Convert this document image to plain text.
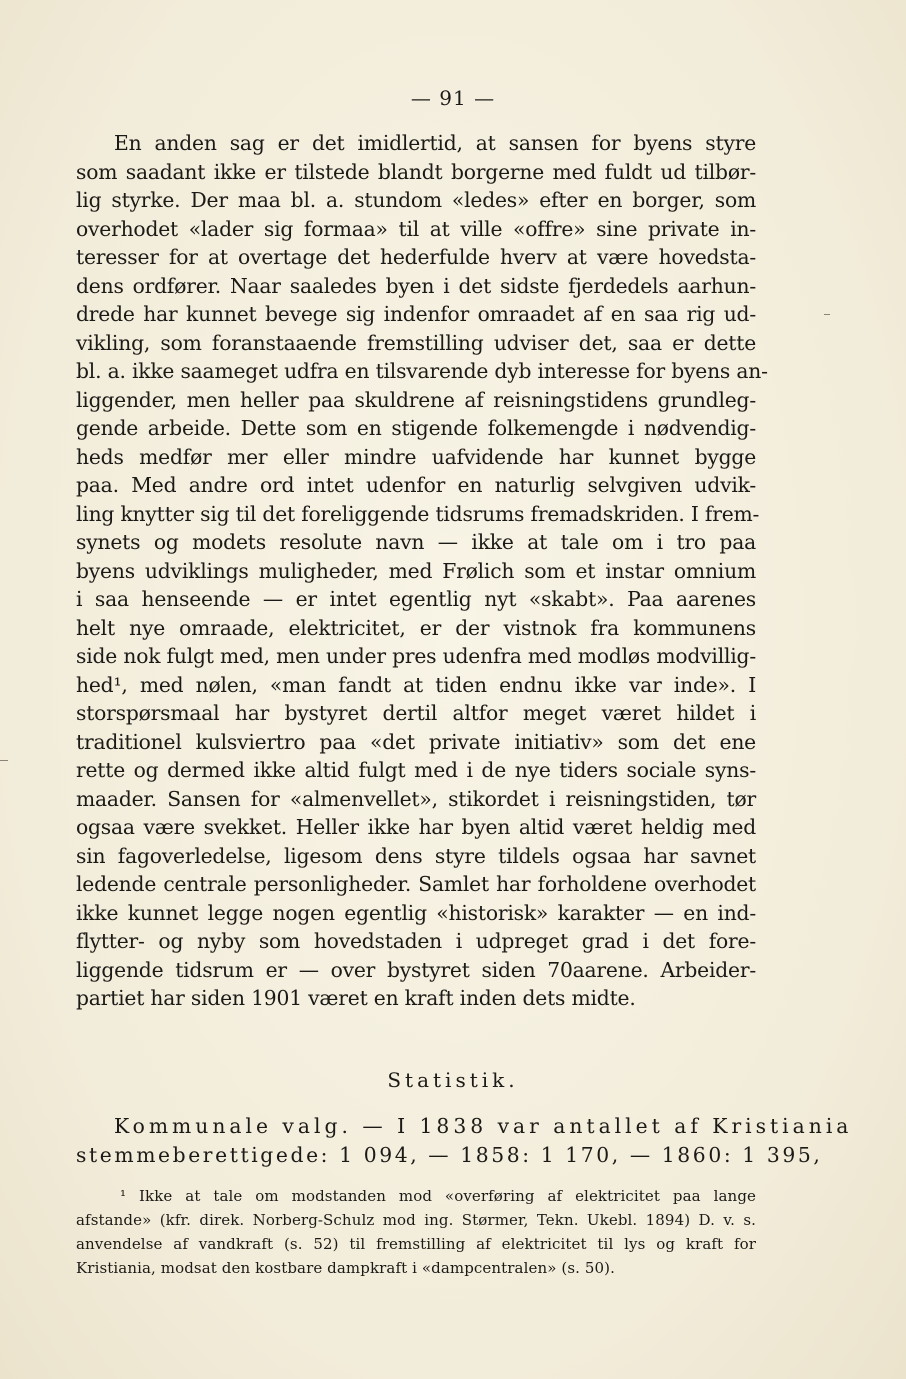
— 91 —
En anden sag er det imidlertid, at sansen for byens styre
som saadant ikke er tilstede blandt borgerne med fuldt ud tilbør-
lig styrke. Der maa bl. a. stundom «ledes» efter en borger, som
overhodet «lader sig formaa» til at ville «offre» sine private in-
teresser for at overtage det hederfulde hverv at være hovedsta-
dens ordfører. Naar saaledes byen i det sidste fjerdedels aarhun-
drede har kunnet bevege sig indenfor omraadet af en saa rig ud-
vikling, som foranstaaende fremstilling udviser det, saa er dette
bl. a. ikke saameget udfra en tilsvarende dyb interesse for byens an-
liggender, men heller paa skuldrene af reisningstidens grundleg-
gende arbeide. Dette som en stigende folkemengde i nødvendig-
heds medfør mer eller mindre uafvidende har kunnet bygge
paa. Med andre ord intet udenfor en naturlig selvgiven udvik-
ling knytter sig til det foreliggende tidsrums fremadskriden. I frem-
synets og modets resolute navn — ikke at tale om i tro paa
byens udviklings muligheder, med Frølich som et instar omnium
i saa henseende — er intet egentlig nyt «skabt». Paa aarenes
helt nye omraade, elektricitet, er der vistnok fra kommunens
side nok fulgt med, men under pres udenfra med modløs modvillig-
hed¹, med nølen, «man fandt at tiden endnu ikke var inde». I
storspørsmaal har bystyret dertil altfor meget været hildet i
traditionel kulsviertro paa «det private initiativ» som det ene
rette og dermed ikke altid fulgt med i de nye tiders sociale syns-
maader. Sansen for «almenvellet», stikordet i reisningstiden, tør
ogsaa være svekket. Heller ikke har byen altid været heldig med
sin fagoverledelse, ligesom dens styre tildels ogsaa har savnet
ledende centrale personligheder. Samlet har forholdene overhodet
ikke kunnet legge nogen egentlig «historisk» karakter — en ind-
flytter- og nyby som hovedstaden i udpreget grad i det fore-
liggende tidsrum er — over bystyret siden 70aarene. Arbeider-
partiet har siden 1901 været en kraft inden dets midte.
Statistik.
Kommunale valg. — I 1838 var antallet af Kristiania
stemmeberettigede: 1 094, — 1858: 1 170, — 1860: 1 395,
¹ Ikke at tale om modstanden mod «overføring af elektricitet paa lange
afstande» (kfr. direk. Norberg-Schulz mod ing. Størmer, Tekn. Ukebl. 1894) D. v. s.
anvendelse af vandkraft (s. 52) til fremstilling af elektricitet til lys og kraft for
Kristiania, modsat den kostbare dampkraft i «dampcentralen» (s. 50).
